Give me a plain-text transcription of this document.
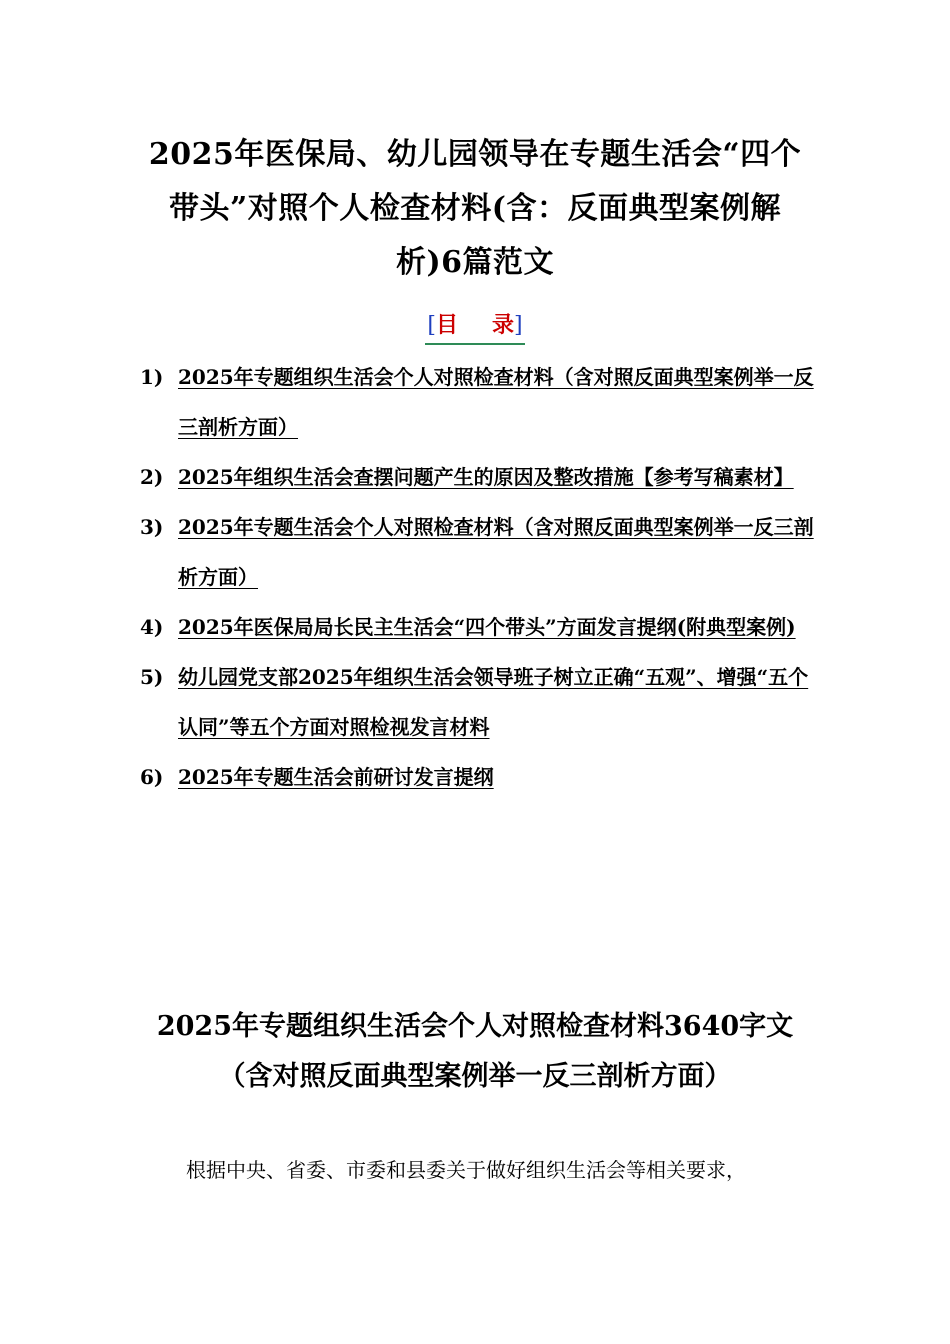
2025年医保局、幼儿园领导在专题生活会“四个带头”对照个人检查材料(含：反面典型案例解析)6篇范文
[目 录]
1) 2025年专题组织生活会个人对照检查材料（含对照反面典型案例举一反三剖析方面）
2) 2025年组织生活会查摆问题产生的原因及整改措施【参考写稿素材】
3) 2025年专题生活会个人对照检查材料（含对照反面典型案例举一反三剖析方面）
4) 2025年医保局局长民主生活会“四个带头”方面发言提纲(附典型案例)
5) 幼儿园党支部2025年组织生活会领导班子树立正确“五观”、增强“五个认同”等五个方面对照检视发言材料
6) 2025年专题生活会前研讨发言提纲
2025年专题组织生活会个人对照检查材料3640字文
（含对照反面典型案例举一反三剖析方面）

根据中央、省委、市委和县委关于做好组织生活会等相关要求，
